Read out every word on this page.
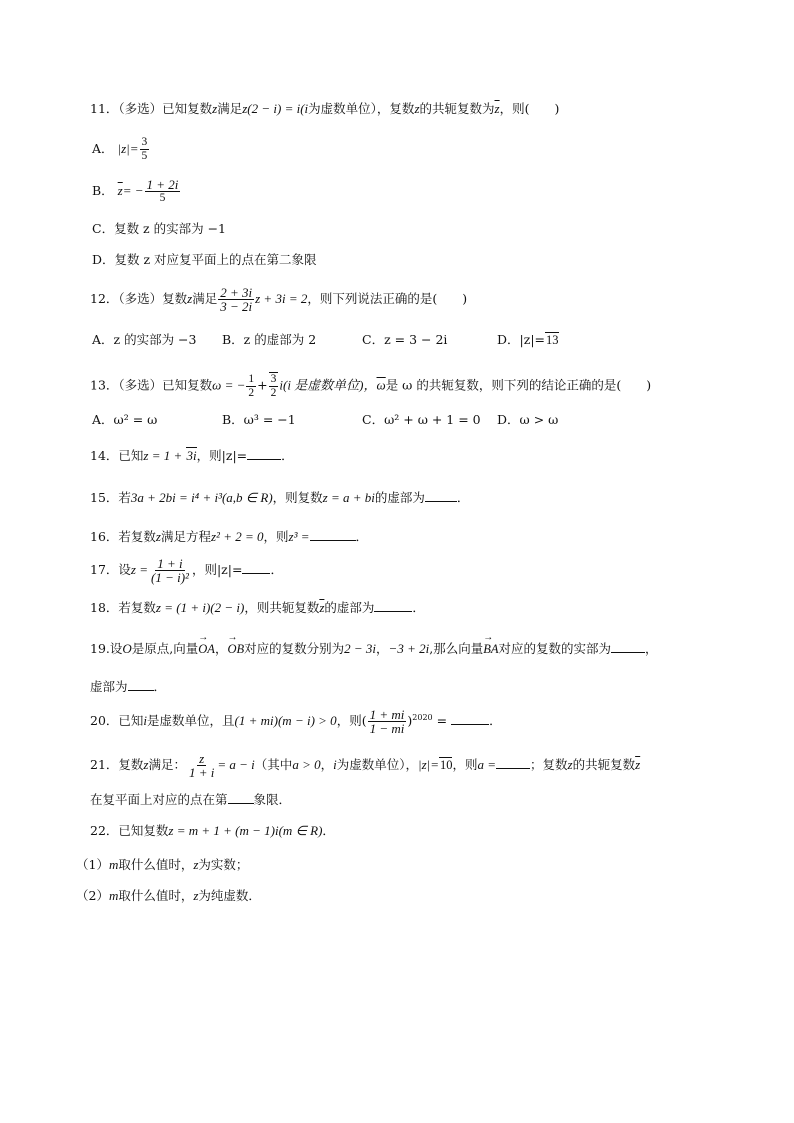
11．（多选）已知复数z满足z(2 − i) = i(i为虚数单位），复数z的共轭复数为$\overline{z}$，则(　　)
A． $|z|= \frac{3}{5}$
B． $\overline{z}= - \frac{1 + 2i}{5}$
C．复数 z 的实部为 −1
D．复数 z 对应复平面上的点在第二象限
12．（多选）复数z满足 $\frac{2 + 3i}{3 - 2i}$ z + 3i = 2，则下列说法正确的是(　　)
A．z 的实部为 −3 B．z 的虚部为 2	C．z = 3 − 2i	D．|z|=13
13．（多选）已知复数ω = − $\frac{1}{2} + \frac{3}{2} i(i$ 是虚数单位)，$\overline{\omega}$是 ω 的共轭复数，则下列的结论正确的是(　　)
A．ω² = ω	B．ω³ = −1	C．ω² + ω + 1 = 0 D．ω > ω
14．已知z = 1 + 3i，则|z|=	．
15．若3a + 2bi = i⁴ + i³(a,b ∈ R)，则复数z = a + bi的虚部为	．
16．若复数z满足方程z² + 2 = 0，则z³ =	．
17．设$z = \frac{1 + i}{\text{(1 − i)²}}$ ，则|z|= ．
18．若复数z = (1 + i)(2 − i)，则共轭复数$\overline{z}$的虚部为	．
19.设O是原点,向量→ OA，→ OB对应的复数分别为2 − 3i，−3 + 2i,那么向量→ BA对应的复数的实部为	，
虚部为 ．
20．已知i是虚数单位，且(1 + mi)(m − i) > 0，则( $\frac{1 + mi}{1 - mi} )^{2020}$ =	．
21．复数z满足： $\frac{z}{1 + i} = a - i$（其中a > 0，i为虚数单位），|z|=10，则a =	；复数z的共轭复数$\overline{z}$
在复平面上对应的点在第 象限．
22．已知复数z = m + 1 + (m − 1)i(m ∈ R)．
（1）m取什么值时，z为实数；
（2）m取什么值时，z为纯虚数．
